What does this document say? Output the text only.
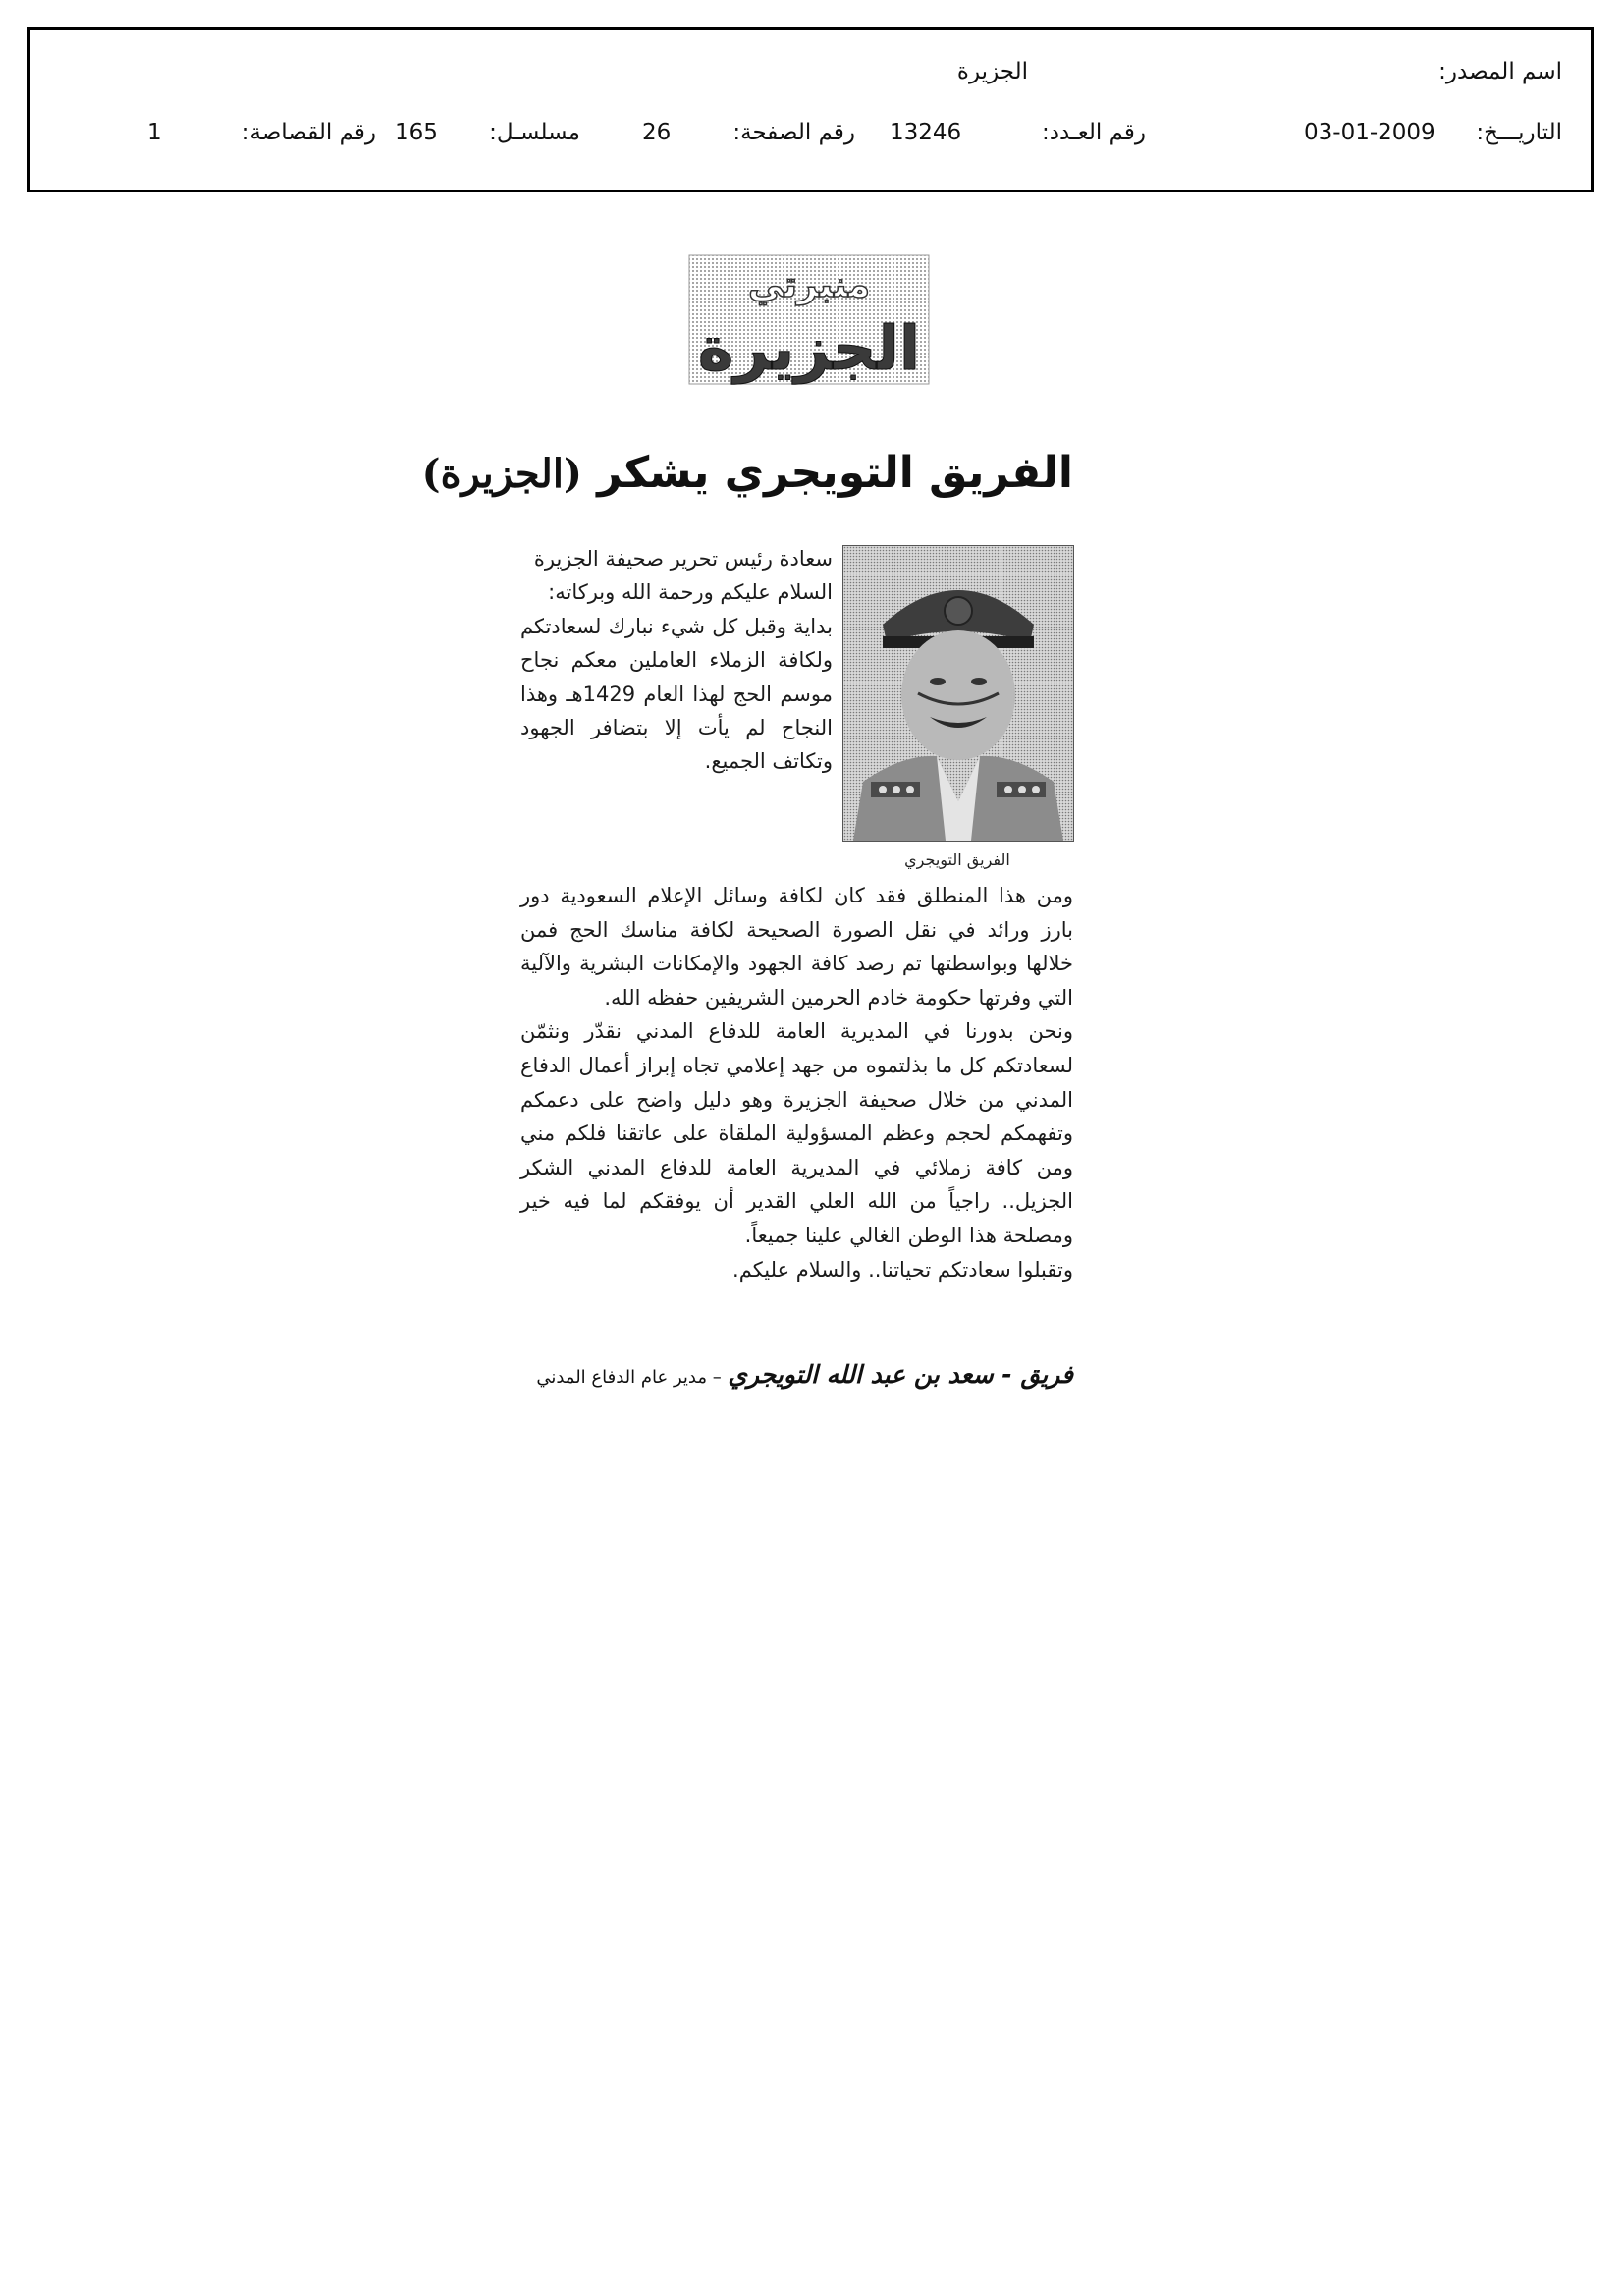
اسم المصدر:
الجزيرة
التاريـــخ:
03-01-2009
رقم العـدد:
13246
رقم الصفحة:
26
مسلسـل:
165
رقم القصاصة:
1
منبرتي
الجزيرة
الفريق التويجري يشكر (الجزيرة)
الفريق التويجري

سعادة رئيس تحرير صحيفة الجزيرة

السلام عليكم ورحمة الله وبركاته:

بداية وقبل كل شيء نبارك لسعادتكم ولكافة الزملاء العاملين معكم نجاح موسم الحج لهذا العام 1429هـ وهذا النجاح لم يأت إلا بتضافر الجهود وتكاتف الجميع.

ومن هذا المنطلق فقد كان لكافة وسائل الإعلام السعودية دور بارز ورائد في نقل الصورة الصحيحة لكافة مناسك الحج فمن خلالها وبواسطتها تم رصد كافة الجهود والإمكانات البشرية والآلية التي وفرتها حكومة خادم الحرمين الشريفين حفظه الله.

ونحن بدورنا في المديرية العامة للدفاع المدني نقدّر ونثمّن لسعادتكم كل ما بذلتموه من جهد إعلامي تجاه إبراز أعمال الدفاع المدني من خلال صحيفة الجزيرة وهو دليل واضح على دعمكم وتفهمكم لحجم وعظم المسؤولية الملقاة على عاتقنا فلكم مني ومن كافة زملائي في المديرية العامة للدفاع المدني الشكر الجزيل.. راجياً من الله العلي القدير أن يوفقكم لما فيه خير ومصلحة هذا الوطن الغالي علينا جميعاً.

وتقبلوا سعادتكم تحياتنا.. والسلام عليكم.

فريق - سعد بن عبد الله التويجري – مدير عام الدفاع المدني
